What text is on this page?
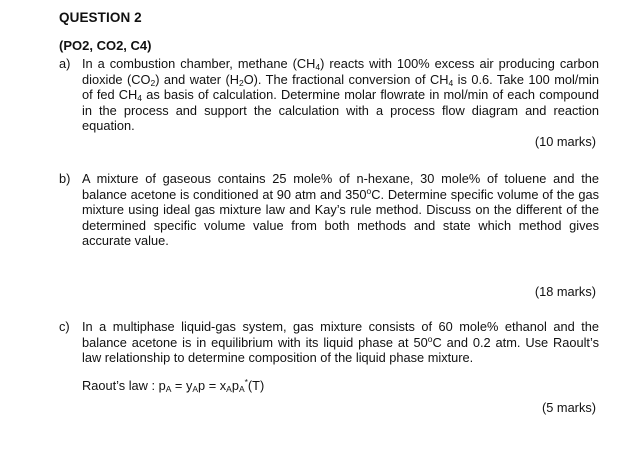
QUESTION 2
(PO2, CO2, C4)
a) In a combustion chamber, methane $(CH_4)$ reacts with 100% excess air producing carbon dioxide $(CO_2)$ and water $(H_2O)$. The fractional conversion of $CH_4$ is 0.6. Take 100 mol/min of fed $CH_4$ as basis of calculation. Determine molar flowrate in mol/min of each compound in the process and support the calculation with a process flow diagram and reaction equation.
(10 marks)
b) A mixture of gaseous contains 25 mole% of n-hexane, 30 mole% of toluene and the balance acetone is conditioned at 90 atm and 350$^o$C. Determine specific volume of the gas mixture using ideal gas mixture law and Kay’s rule method. Discuss on the different of the determined specific volume value from both methods and state which method gives accurate value.
(18 marks)
c) In a multiphase liquid-gas system, gas mixture consists of 60 mole% ethanol and the balance acetone is in equilibrium with its liquid phase at 50$^o$C and 0.2 atm. Use Raoult’s law relationship to determine composition of the liquid phase mixture.
Raout’s law : $p_A = y_Ap = x_Ap_A^*(T)$
(5 marks)
